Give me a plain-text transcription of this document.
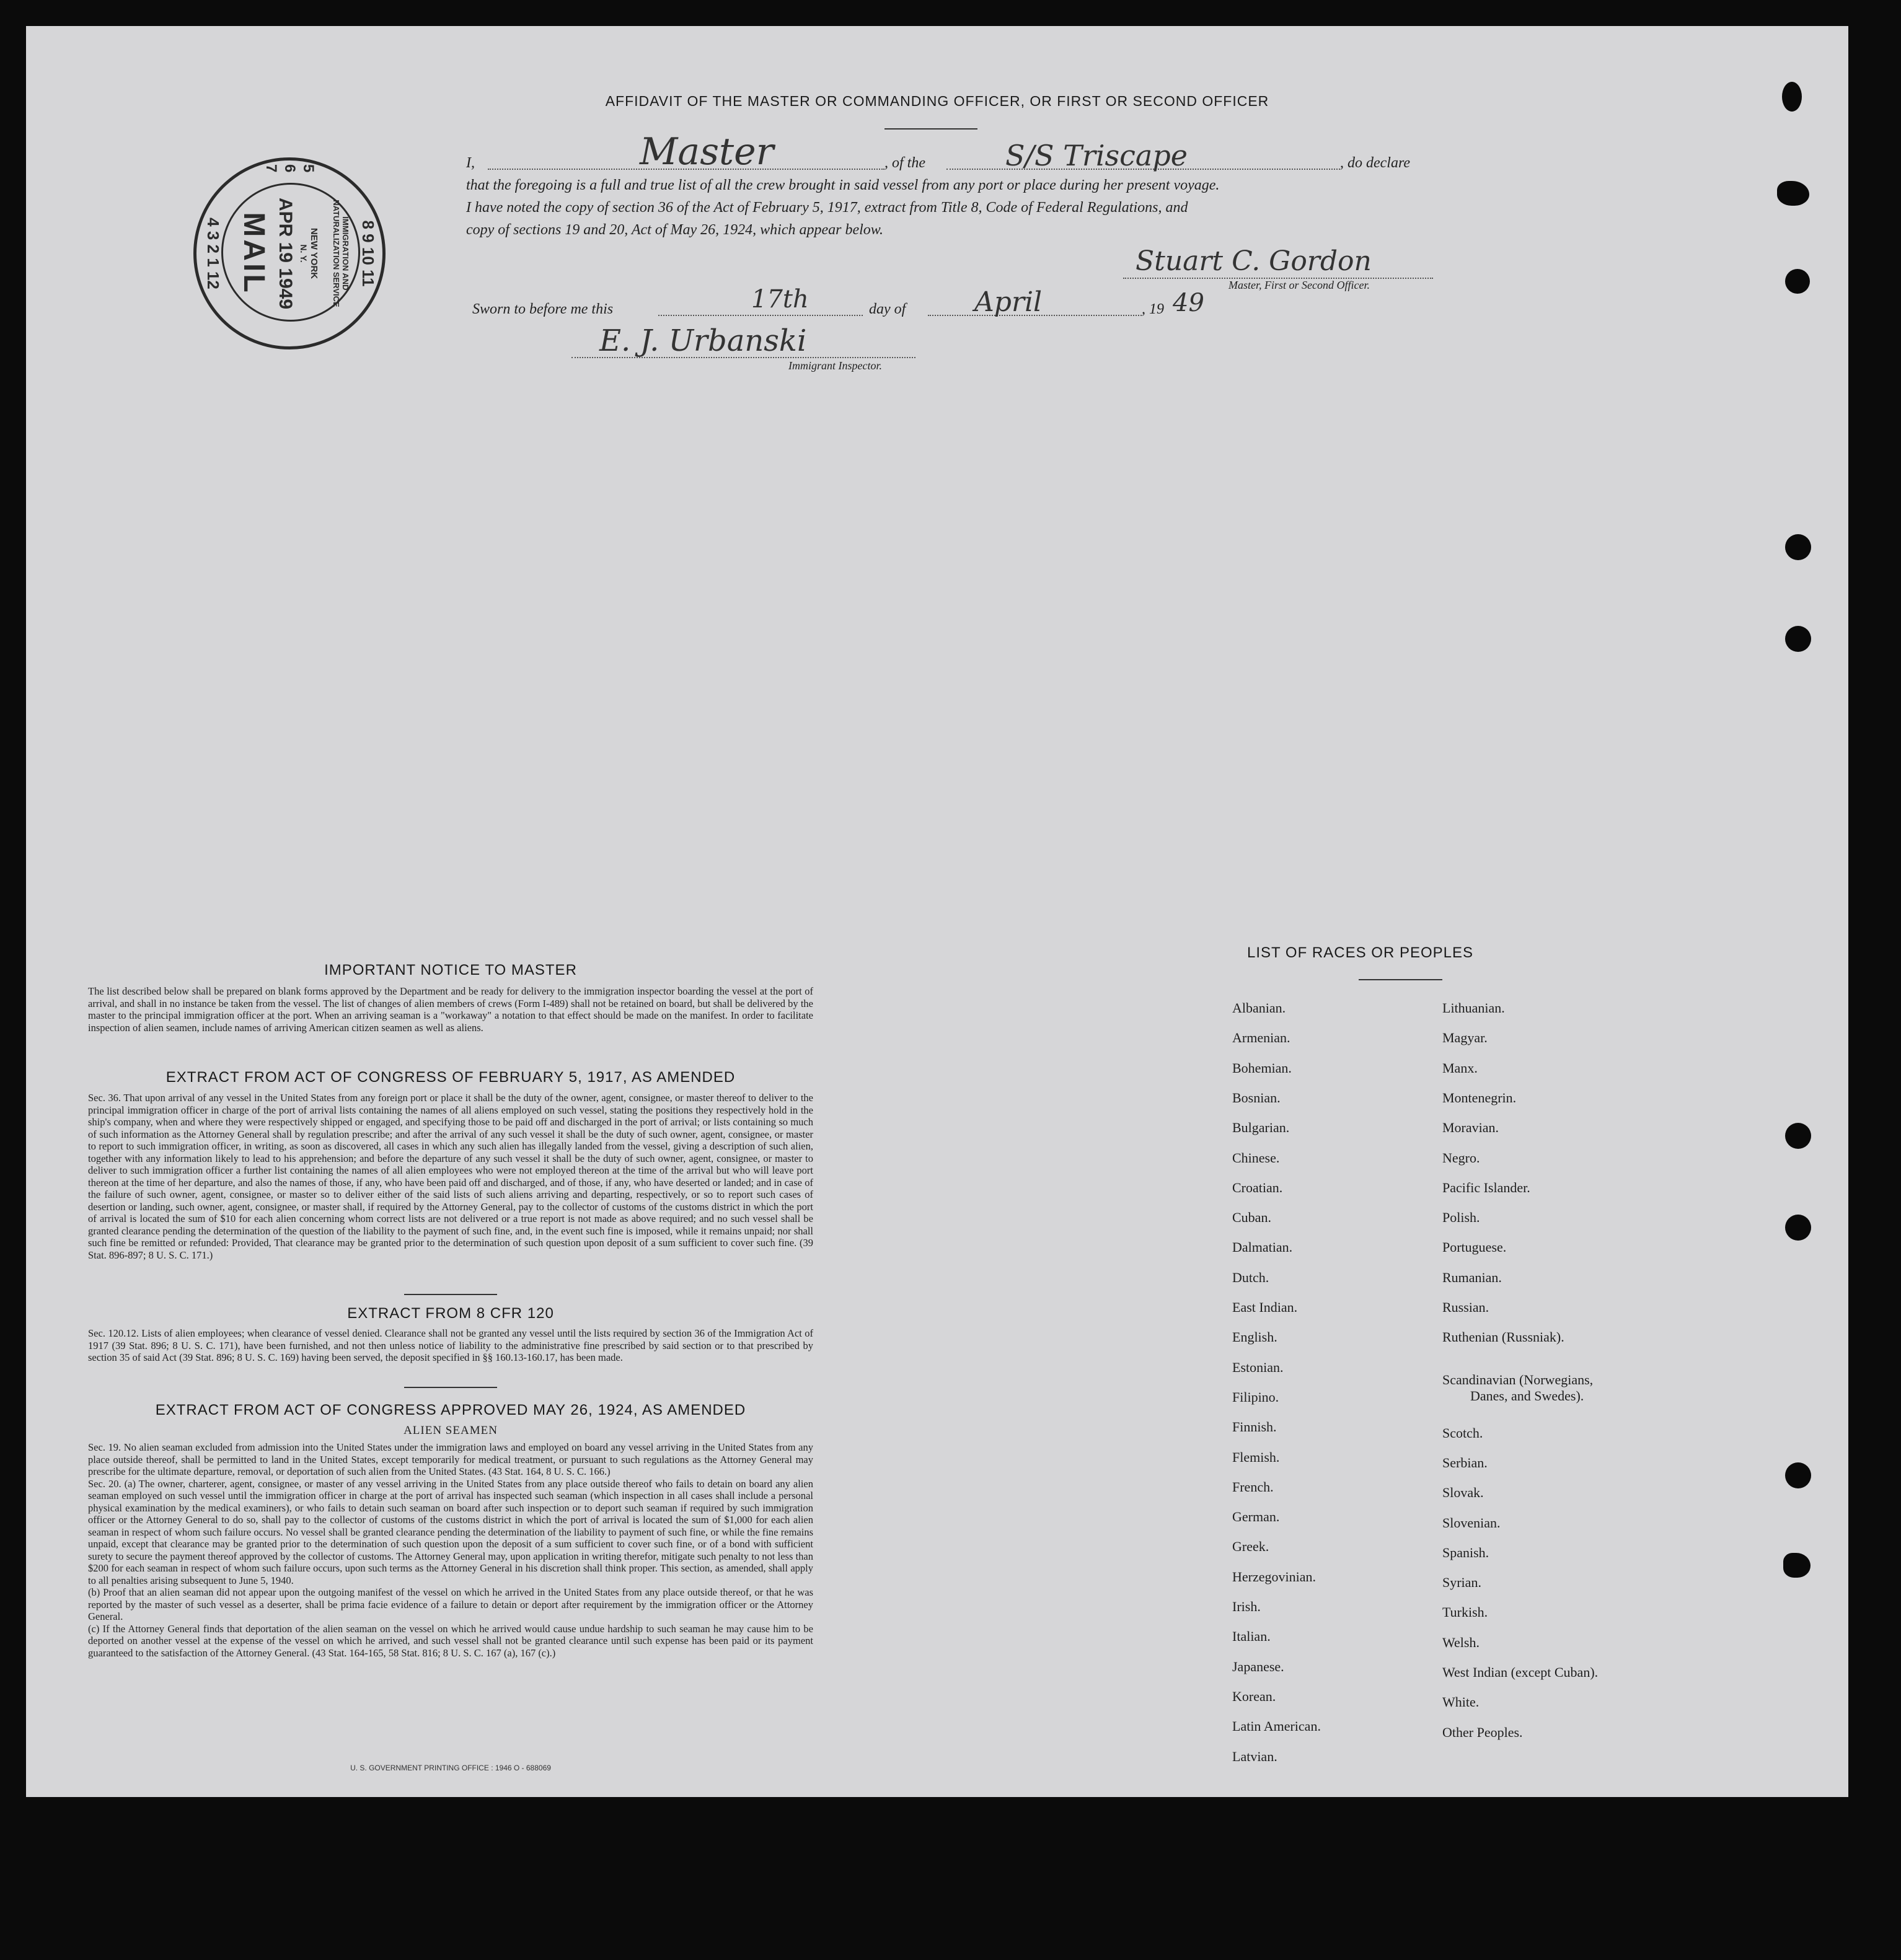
AFFIDAVIT OF THE MASTER OR COMMANDING OFFICER, OR FIRST OR SECOND OFFICER
I,	Master	, of the	S/S Triscape	, do declare
that the foregoing is a full and true list of all the crew brought in said vessel from any port or place during her present voyage.
I have noted the copy of section 36 of the Act of February 5, 1917, extract from Title 8, Code of Federal Regulations, and
copy of sections 19 and 20, Act of May 26, 1924, which appear below.
Stuart C. Gordon
Master, First or Second Officer.
Sworn to before me this	17th	day of	April	, 19 49
E. J. Urbanski
Immigrant Inspector.
8 9 10 11
4 3 2 1 12
5 6 7
IMMIGRATION AND NATURALIZATION SERVICE
NEW YORK
N. Y.
APR 19 1949
MAIL
IMPORTANT NOTICE TO MASTER
The list described below shall be prepared on blank forms approved by the Department and be ready for delivery to the immigration inspector boarding the vessel at the port of arrival, and shall in no instance be taken from the vessel. The list of changes of alien members of crews (Form I-489) shall not be retained on board, but shall be delivered by the master to the principal immigration officer at the port. When an arriving seaman is a "workaway" a notation to that effect should be made on the manifest. In order to facilitate inspection of alien seamen, include names of arriving American citizen seamen as well as aliens.
EXTRACT FROM ACT OF CONGRESS OF FEBRUARY 5, 1917, AS AMENDED
Sec. 36. That upon arrival of any vessel in the United States from any foreign port or place it shall be the duty of the owner, agent, consignee, or master thereof to deliver to the principal immigration officer in charge of the port of arrival lists containing the names of all aliens employed on such vessel, stating the positions they respectively hold in the ship's company, when and where they were respectively shipped or engaged, and specifying those to be paid off and discharged in the port of arrival; or lists containing so much of such information as the Attorney General shall by regulation prescribe; and after the arrival of any such vessel it shall be the duty of such owner, agent, consignee, or master to report to such immigration officer, in writing, as soon as discovered, all cases in which any such alien has illegally landed from the vessel, giving a description of such alien, together with any information likely to lead to his apprehension; and before the departure of any such vessel it shall be the duty of such owner, agent, consignee, or master to deliver to such immigration officer a further list containing the names of all alien employees who were not employed thereon at the time of the arrival but who will leave port thereon at the time of her departure, and also the names of those, if any, who have been paid off and discharged, and of those, if any, who have deserted or landed; and in case of the failure of such owner, agent, consignee, or master so to deliver either of the said lists of such aliens arriving and departing, respectively, or so to report such cases of desertion or landing, such owner, agent, consignee, or master shall, if required by the Attorney General, pay to the collector of customs of the customs district in which the port of arrival is located the sum of $10 for each alien concerning whom correct lists are not delivered or a true report is not made as above required; and no such vessel shall be granted clearance pending the determination of the question of the liability to the payment of such fine, and, in the event such fine is imposed, while it remains unpaid; nor shall such fine be remitted or refunded: Provided, That clearance may be granted prior to the determination of such question upon deposit of a sum sufficient to cover such fine. (39 Stat. 896-897; 8 U. S. C. 171.)
EXTRACT FROM 8 CFR 120
Sec. 120.12. Lists of alien employees; when clearance of vessel denied. Clearance shall not be granted any vessel until the lists required by section 36 of the Immigration Act of 1917 (39 Stat. 896; 8 U. S. C. 171), have been furnished, and not then unless notice of liability to the administrative fine prescribed by said section or to that prescribed by section 35 of said Act (39 Stat. 896; 8 U. S. C. 169) having been served, the deposit specified in §§ 160.13-160.17, has been made.
EXTRACT FROM ACT OF CONGRESS APPROVED MAY 26, 1924, AS AMENDED
ALIEN SEAMEN
Sec. 19. No alien seaman excluded from admission into the United States under the immigration laws and employed on board any vessel arriving in the United States from any place outside thereof, shall be permitted to land in the United States, except temporarily for medical treatment, or pursuant to such regulations as the Attorney General may prescribe for the ultimate departure, removal, or deportation of such alien from the United States. (43 Stat. 164, 8 U. S. C. 166.)
Sec. 20. (a) The owner, charterer, agent, consignee, or master of any vessel arriving in the United States from any place outside thereof who fails to detain on board any alien seaman employed on such vessel until the immigration officer in charge at the port of arrival has inspected such seaman (which inspection in all cases shall include a personal physical examination by the medical examiners), or who fails to detain such seaman on board after such inspection or to deport such seaman if required by such immigration officer or the Attorney General to do so, shall pay to the collector of customs of the customs district in which the port of arrival is located the sum of $1,000 for each alien seaman in respect of whom such failure occurs. No vessel shall be granted clearance pending the determination of the liability to payment of such fine, or while the fine remains unpaid, except that clearance may be granted prior to the determination of such question upon the deposit of a sum sufficient to cover such fine, or of a bond with sufficient surety to secure the payment thereof approved by the collector of customs. The Attorney General may, upon application in writing therefor, mitigate such penalty to not less than $200 for each seaman in respect of whom such failure occurs, upon such terms as the Attorney General in his discretion shall think proper. This section, as amended, shall apply to all penalties arising subsequent to June 5, 1940.
(b) Proof that an alien seaman did not appear upon the outgoing manifest of the vessel on which he arrived in the United States from any place outside thereof, or that he was reported by the master of such vessel as a deserter, shall be prima facie evidence of a failure to detain or deport after requirement by the immigration officer or the Attorney General.
(c) If the Attorney General finds that deportation of the alien seaman on the vessel on which he arrived would cause undue hardship to such seaman he may cause him to be deported on another vessel at the expense of the vessel on which he arrived, and such vessel shall not be granted clearance until such expense has been paid or its payment guaranteed to the satisfaction of the Attorney General. (43 Stat. 164-165, 58 Stat. 816; 8 U. S. C. 167 (a), 167 (c).)
U. S. GOVERNMENT PRINTING OFFICE : 1946 O - 688069
LIST OF RACES OR PEOPLES
Albanian.
Armenian.
Bohemian.
Bosnian.
Bulgarian.
Chinese.
Croatian.
Cuban.
Dalmatian.
Dutch.
East Indian.
English.
Estonian.
Filipino.
Finnish.
Flemish.
French.
German.
Greek.
Herzegovinian.
Irish.
Italian.
Japanese.
Korean.
Latin American.
Latvian.
Lithuanian.
Magyar.
Manx.
Montenegrin.
Moravian.
Negro.
Pacific Islander.
Polish.
Portuguese.
Rumanian.
Russian.
Ruthenian (Russniak).
Scandinavian (Norwegians,
Danes, and Swedes).
Scotch.
Serbian.
Slovak.
Slovenian.
Spanish.
Syrian.
Turkish.
Welsh.
West Indian (except Cuban).
White.
Other Peoples.
